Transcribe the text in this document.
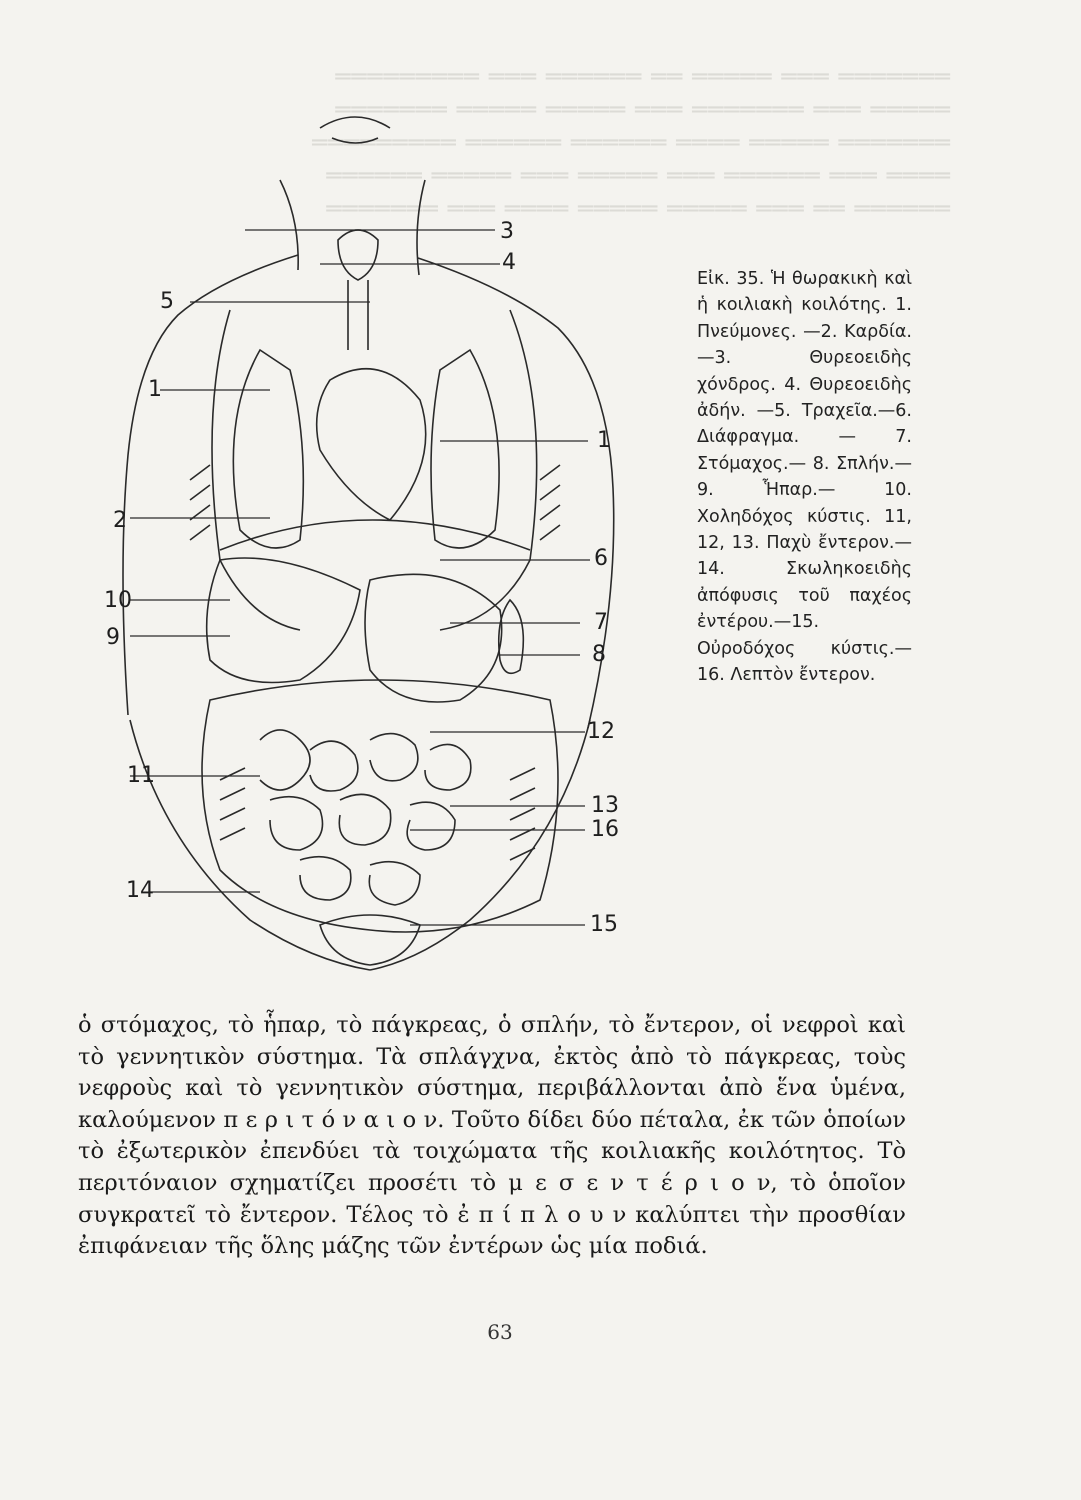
═══════ ═══ ═════ ══ ══════ ═══ ═════════
═════ ═══ ═══════ ═══ ═════ ═════ ═══════
═══════ ═════ ════ ══════ ══════ ═════════
════ ═══ ══════ ═══ ═════ ═══ ═════ ══════
══════ ══ ═══ ═════ ═════ ════ ═══ ═══════
3
4
5
1
1
2
6
10
7
9
8
12
11
13
16
14
15
Εἰκ. 35. Ἡ θωρακικὴ καὶ ἡ κοιλιακὴ κοιλότης. 1. Πνεύμονες. —2. Καρδία.—3. Θυρεοειδὴς χόνδρος. 4. Θυρεοειδὴς ἀδήν. —5. Τραχεῖα.—6. Διάφραγμα. — 7. Στόμαχος.— 8. Σπλήν.— 9. Ἧπαρ.— 10. Χοληδόχος κύστις. 11, 12, 13. Παχὺ ἔντερον.— 14. Σκωληκοειδὴς ἀπόφυσις τοῦ παχέος ἐντέρου.—15. Οὐροδόχος κύστις.— 16. Λεπτὸν ἔντερον.

ὁ στόμαχος, τὸ ἧπαρ, τὸ πάγκρεας, ὁ σπλήν, τὸ ἔντερον, οἱ νεφροὶ καὶ τὸ γεννητικὸν σύστημα. Τὰ σπλάγχνα, ἐκτὸς ἀπὸ τὸ πάγκρεας, τοὺς νεφροὺς καὶ τὸ γεννητικὸν σύστημα, περιβάλλονται ἀπὸ ἕνα ὑμένα, καλούμενον π ε ρ ι τ ό ν α ι ο ν. Τοῦτο δίδει δύο πέταλα, ἐκ τῶν ὁποίων τὸ ἐξωτερικὸν ἐπενδύει τὰ τοιχώματα τῆς κοιλιακῆς κοιλότητος. Τὸ περιτόναιον σχηματίζει προσέτι τὸ μ ε σ ε ν τ έ ρ ι ο ν, τὸ ὁποῖον συγκρατεῖ τὸ ἔντερον. Τέλος τὸ ἐ π ί π λ ο υ ν καλύπτει τὴν προσθίαν ἐπιφάνειαν τῆς ὅλης μάζης τῶν ἐντέρων ὡς μία ποδιά.

63
